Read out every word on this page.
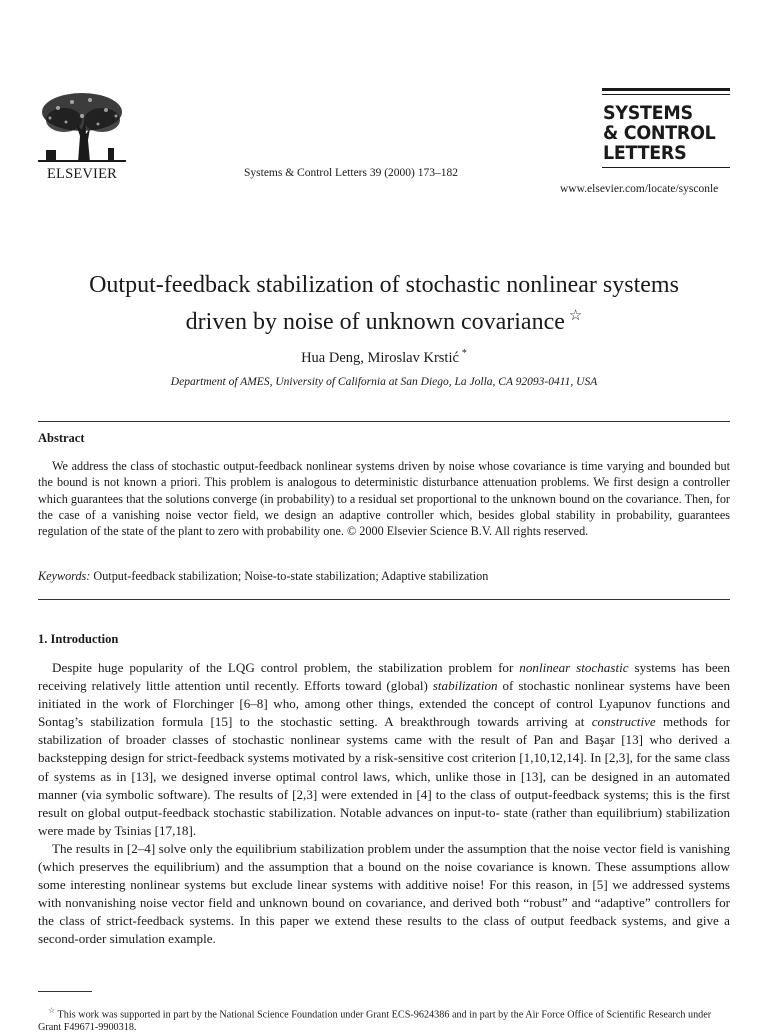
ELSEVIER	Systems & Control Letters 39 (2000) 173–182
SYSTEMS
& CONTROL
LETTERS
www.elsevier.com/locate/sysconle
Output-feedback stabilization of stochastic nonlinear systems
driven by noise of unknown covariance ☆
Hua Deng, Miroslav Krstić *
Department of AMES, University of California at San Diego, La Jolla, CA 92093-0411, USA
Abstract
We address the class of stochastic output-feedback nonlinear systems driven by noise whose covariance is time varying and bounded but the bound is not known a priori. This problem is analogous to deterministic disturbance attenuation problems. We first design a controller which guarantees that the solutions converge (in probability) to a residual set proportional to the unknown bound on the covariance. Then, for the case of a vanishing noise vector field, we design an adaptive controller which, besides global stability in probability, guarantees regulation of the state of the plant to zero with probability one. © 2000 Elsevier Science B.V. All rights reserved.
Keywords: Output-feedback stabilization; Noise-to-state stabilization; Adaptive stabilization
1. Introduction

Despite huge popularity of the LQG control problem, the stabilization problem for nonlinear stochastic systems has been receiving relatively little attention until recently. Efforts toward (global) stabilization of stochastic nonlinear systems have been initiated in the work of Florchinger [6–8] who, among other things, extended the concept of control Lyapunov functions and Sontag’s stabilization formula [15] to the stochastic setting. A breakthrough towards arriving at constructive methods for stabilization of broader classes of stochastic nonlinear systems came with the result of Pan and Başar [13] who derived a backstepping design for strict-feedback systems motivated by a risk-sensitive cost criterion [1,10,12,14]. In [2,3], for the same class of systems as in [13], we designed inverse optimal control laws, which, unlike those in [13], can be designed in an automated manner (via symbolic software). The results of [2,3] were extended in [4] to the class of output-feedback systems; this is the first result on global output-feedback stochastic stabilization. Notable advances on input-to- state (rather than equilibrium) stabilization were made by Tsinias [17,18].

The results in [2–4] solve only the equilibrium stabilization problem under the assumption that the noise vector field is vanishing (which preserves the equilibrium) and the assumption that a bound on the noise covariance is known. These assumptions allow some interesting nonlinear systems but exclude linear systems with additive noise! For this reason, in [5] we addressed systems with nonvanishing noise vector field and unknown bound on covariance, and derived both “robust” and “adaptive” controllers for the class of strict-feedback systems. In this paper we extend these results to the class of output feedback systems, and give a second-order simulation example.

☆ This work was supported in part by the National Science Foundation under Grant ECS-9624386 and in part by the Air Force Office of Scientific Research under Grant F49671-9900318.
